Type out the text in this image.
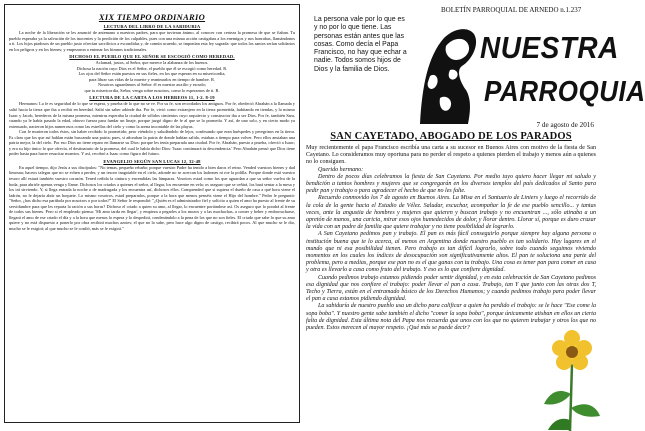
XIX TIEMPO ORDINARIO
LECTURA DEL LIBRO DE LA SABIDURIA

La noche de la liberación se les anunció de antemano a nuestros padres, para que tuvieran ánimo, al conocer con certeza la promesa de que se fiaban. Tu pueblo esperaba ya la salvación de los inocentes y la perdición de los culpables, pues con una misma acción castigabas a los enemigos y nos honrabas, llamándonos a ti. Los hijos piadosos de un pueblo justo ofrecían sacrificios a escondidas y, de común acuerdo, se imponían esta ley sagrada: que todos los santos serían solidarios en los peligros y en los bienes; y empezaron a entonar los himnos tradicionales.

DICHOSO EL PUEBLO QUE EL SEÑOR SE ESCOGIÓ COMO HEREDAD.

Aclamad, justos, al Señor, que merece la alabanza de los buenos.

Dichosa la nación cuyo Dios es el Señor, el pueblo que él se escogió como heredad. R.

Los ojos del Señor están puestos en sus fieles, en los que esperan en su misericordia,

para librar sus vidas de la muerte y reanimarlos en tiempo de hambre. R.

Nosotros aguardamos al Señor: él es nuestro auxilio y escudo;

que tu misericordia, Señor, venga sobre nosotros, como lo esperamos de ti. R.

LECTURA DE LA CARTA A LOS HEBREOS 11, 1-2. 8-19

Hermanos: La fe es seguridad de lo que se espera, y prueba de lo que no se ve. Por su fe, son recordados los antiguos. Por fe, obedeció Abrahán a la llamada y salió hacia la tierra que iba a recibir en heredad. Salió sin saber adónde iba. Por fe, vivió como extranjero en la tierra prometida, habitando en tiendas, y lo mismo Isaac y Jacob, herederos de la misma promesa, mientras esperaba la ciudad de sólidos cimientos cuyo arquitecto y constructor iba a ser Dios. Por fe, también Sara, cuando ya le había pasado la edad, obtuvo fuerza para fundar un linaje, porque juzgó digno de fe al que se lo prometía. Y así, de uno solo, y en cierto modo ya extenuado, nacieron hijos numerosos como las estrellas del cielo y como la arena incontable de las playas.

Con fe murieron todos éstos, sin haber recibido lo prometido; pero viéndolo y saludándolo de lejos, confesando que eran huéspedes y peregrinos en la tierra. Es claro que los que así hablan están buscando una patria; pues, si añoraban la patria de donde habían salido, estaban a tiempo para volver. Pero ellos ansiaban una patria mejor, la del cielo. Por eso Dios no tiene reparo en llamarse su Dios: porque les tenía preparada una ciudad. Por fe, Abrahán, puesto a prueba, ofreció a Isaac; y era su hijo único lo que ofrecía, el destinatario de la promesa, del cual le había dicho Dios: 'Isaac continuará tu descendencia.' Pero Abrahán pensó que Dios tiene poder hasta para hacer resucitar muertos. Y así, recobró a Isaac como figura del futuro.

EVANGELIO SEGÚN SAN LUCAS 12, 32-48

En aquel tiempo, dijo Jesús a sus discípulos: "No temas, pequeño rebaño; porque vuestro Padre ha tenido a bien daros el reino. Vended vuestros bienes y dad limosna; haceos talegas que no se echen a perder, y un tesoro inagotable en el cielo, adonde no se acercan los ladrones ni roe la polilla. Porque donde está vuestro tesoro allí estará también vuestro corazón. Tened ceñida la cintura y encendidas las lámparas. Vosotros estad como los que aguardan a que su señor vuelva de la boda, para abrirle apenas venga y llame. Dichosos los criados a quienes el señor, al llegar, los encuentre en vela; os aseguro que se ceñirá, los hará sentar a la mesa y los irá sirviendo. Y, si llega entrada la noche o de madrugada y los encuentra así, dichosos ellos. Comprended que si supiera el dueño de casa a qué hora viene el ladrón, no le dejaría abrir un boquete. Lo mismo vosotros, estad preparados, porque a la hora que menos penséis viene el Hijo del hombre." Pedro le preguntó: "Señor, ¿has dicho esa parábola por nosotros o por todos?" El Señor le respondió: "¿Quién es el administrador fiel y solícito a quien el amo ha puesto al frente de su servidumbre para que les reparta la ración a sus horas? Dichoso el criado a quien su amo, al llegar, lo encuentre portándose así. Os aseguro que lo pondrá al frente de todos sus bienes. Pero si el empleado piensa: 'Mi amo tarda en llegar', y empieza a pegarles a los mozos y a las muchachas, a comer y beber y emborracharse, llegará el amo de ese criado el día y a la hora que menos lo espera y lo despedirá, condenándolo a la pena de los que no son fieles. El criado que sabe lo que su amo quiere y no está dispuesto a ponerlo por obra recibirá muchos azotes; el que no lo sabe, pero hace algo digno de castigo, recibirá pocos. Al que mucho se le dio, mucho se le exigirá; al que mucho se le confió, más se le exigirá."

La persona vale por lo que es y no por lo que tiene. Las personas están antes que las cosas. Como decía el Papa Francisco, no hay que echar a nadie. Todos somos hijos de Dios y la familia de Dios.
BOLETÍN PARROQUIAL DE ARNEDO n.1.237
NUESTRA
PARROQUIA
7 de agosto de 2016
SAN CAYETADO, ABOGADO DE LOS PARADOS

Muy recientemente el papa Francisco escribía una carta a su sucesor en Buenos Aires con motivo de la fiesta de San Cayetano. Lo consideramos muy oportuna para no perder el respeto a quienes pierden el trabajo y menos aún a quienes no lo consiguen.

Querido hermano:

Dentro de pocos días celebramos la fiesta de San Cayetano. Por medio tuyo quiero hacer llegar mi saludo y bendición a tantos hombres y mujeres que se congregarán en los diversos templos del país dedicados al Santo para pedir pan y trabajo o para agradecer el hecho de que no les falte.

Recuerdo conmovido los 7 de agosto en Buenos Aires. La Misa en el Santuario de Liniers y luego el recorrido de la cola de la gente hacia el Estadio de Vélez. Saludar, escuchar, acompañar la fe de ese pueblo sencillo... y tantas veces, ante la angustia de hombres y mujeres que quieren y buscan trabajo y no encuentran ..., sólo atinaba a un apretón de manos, una caricia, mirar esos ojos humedecidos de dolor, y llorar dentro. Llorar sí, porque es duro cruzar la vida con un padre de familia que quiere trabajar y no tiene posibilidad de lograrlo.

A San Cayetano pedimos pan y trabajo. El pan es más fácil conseguirlo porque siempre hay alguna persona o institución buena que te lo acerca, al menos en Argentina donde nuestro pueblo es tan solidario. Hay lugares en el mundo que ni esa posibilidad tienen. Pero trabajo es tan difícil lograrlo, sobre todo cuando seguimos viviendo momentos en los cuales los índices de desocupación son significativamente altos. El pan te soluciona una parte del problema, pero a medias, porque ese pan no es el que ganas con tu trabajo. Una cosa es tener pan para comer en casa y otra es llevarlo a casa como fruto del trabajo. Y eso es lo que confiere dignidad.

Cuando pedimos trabajo estamos pidiendo poder sentir dignidad, y en esta celebración de San Cayetano pedimos esa dignidad que nos confiere el trabajo: poder llevar el pan a casa. Trabajo, tan Y que junto con las otras dos T, Techo y Tierra, están en el entramado básico de los Derechos Humanos; y cuando pedimos trabajo para poder llevar el pan a casa estamos pidiendo dignidad.

La sabiduría de nuestro pueblo usa un dicho para calificar a quien ha perdido el trabajo: se le hace "Ese come la sopa boba". Y nuestro gente sabe también el dicho "comer la sopa boba", porque únicamente atisban en ellos un cierta falta de dignidad. Esta última nota del Papa nos recuerda que unos con los que no quieren trabajar y otros los que no pueden. Estos merecen al mayor respeto. ¡Qué más se puede decir?
